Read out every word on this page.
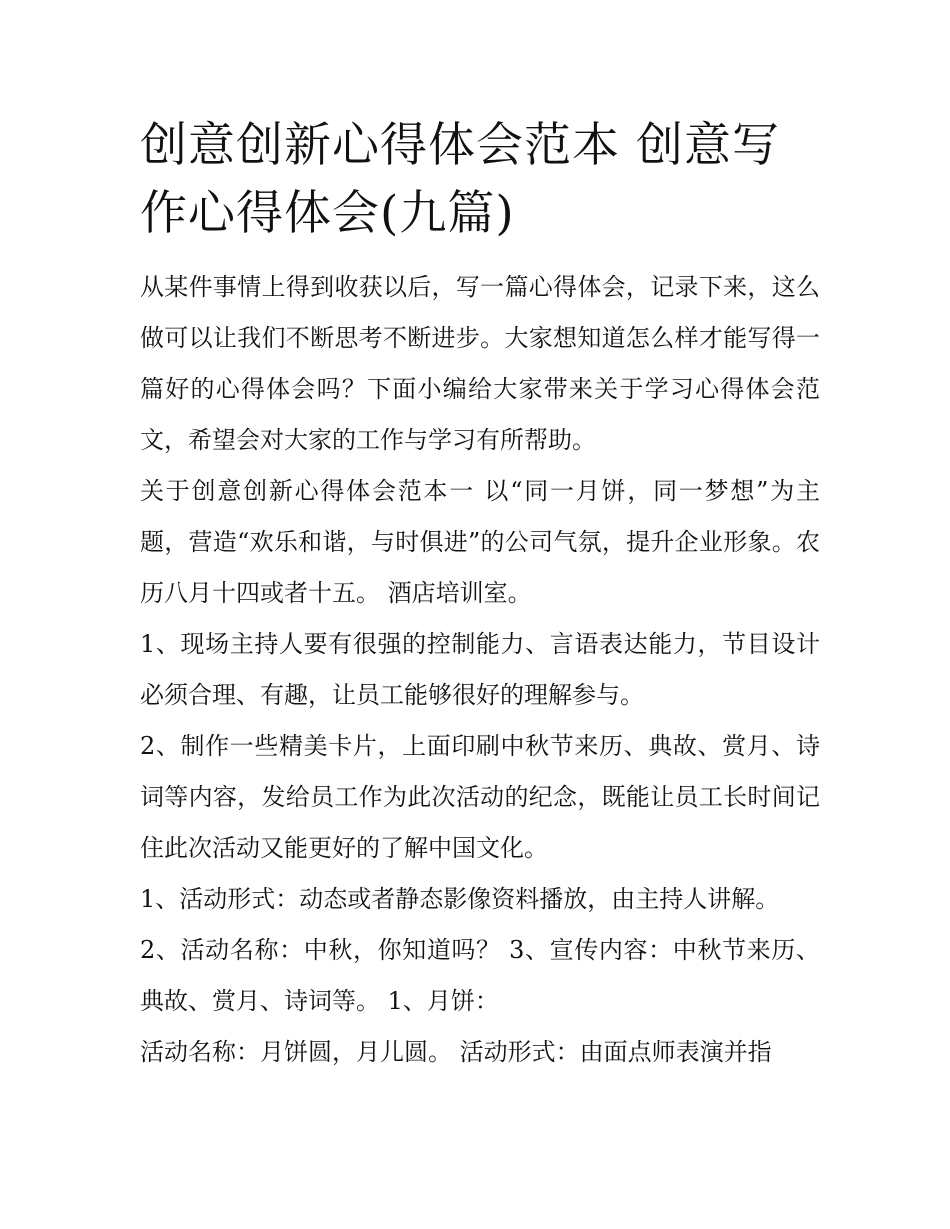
创意创新心得体会范本 创意写作心得体会(九篇)

从某件事情上得到收获以后，写一篇心得体会，记录下来，这么做可以让我们不断思考不断进步。大家想知道怎么样才能写得一篇好的心得体会吗？下面小编给大家带来关于学习心得体会范文，希望会对大家的工作与学习有所帮助。

关于创意创新心得体会范本一 以“同一月饼，同一梦想”为主题，营造“欢乐和谐，与时俱进”的公司气氛，提升企业形象。农历八月十四或者十五。 酒店培训室。

1、现场主持人要有很强的控制能力、言语表达能力，节目设计必须合理、有趣，让员工能够很好的理解参与。

2、制作一些精美卡片，上面印刷中秋节来历、典故、赏月、诗词等内容，发给员工作为此次活动的纪念，既能让员工长时间记住此次活动又能更好的了解中国文化。

1、活动形式：动态或者静态影像资料播放，由主持人讲解。

2、活动名称：中秋，你知道吗？ 3、宣传内容：中秋节来历、典故、赏月、诗词等。 1、月饼：

活动名称：月饼圆，月儿圆。 活动形式：由面点师表演并指
